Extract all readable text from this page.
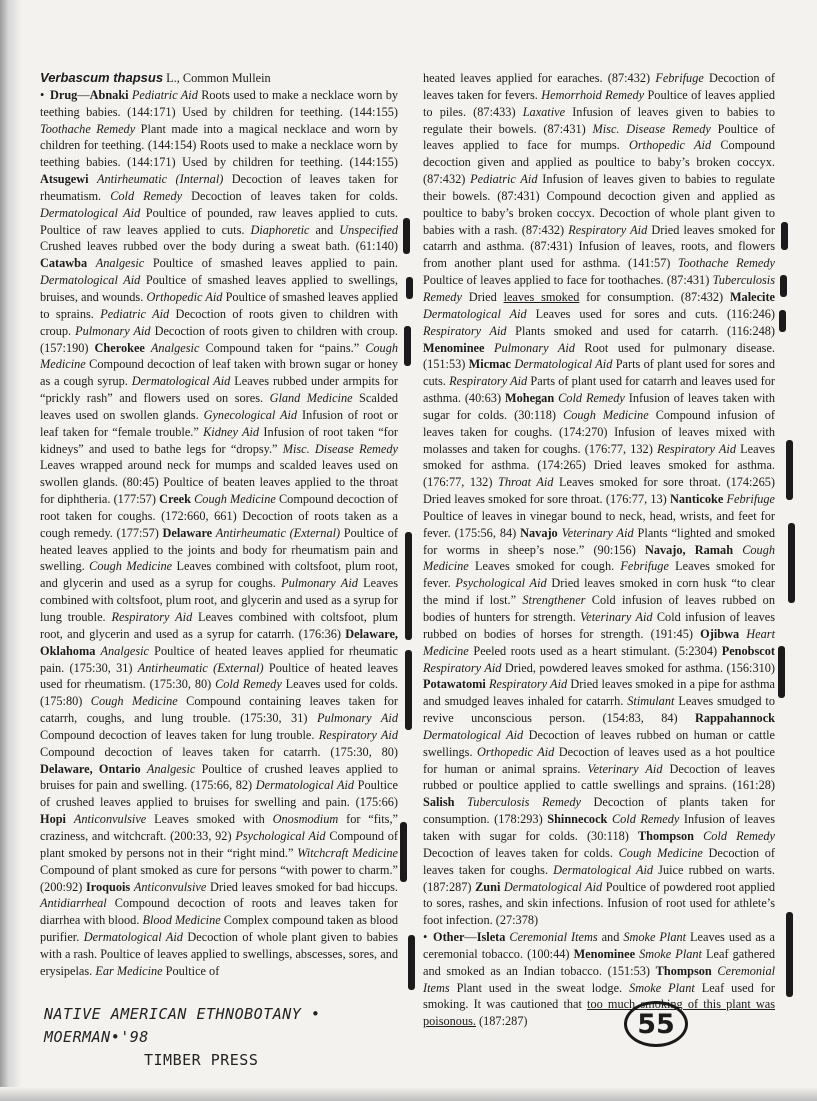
Verbascum thapsus L., Common Mullein

• Drug—Abnaki Pediatric Aid Roots used to make a necklace worn by teething babies. (144:171) Used by children for teething. (144:155) Toothache Remedy Plant made into a magical necklace and worn by children for teething. (144:154) Roots used to make a necklace worn by teething babies. (144:171) Used by children for teething. (144:155) Atsugewi Antirheumatic (Internal) Decoction of leaves taken for rheumatism. Cold Remedy Decoction of leaves taken for colds. Dermatological Aid Poultice of pounded, raw leaves applied to cuts. Poultice of raw leaves applied to cuts. Diaphoretic and Unspecified Crushed leaves rubbed over the body during a sweat bath. (61:140) Catawba Analgesic Poultice of smashed leaves applied to pain. Dermatological Aid Poultice of smashed leaves applied to swellings, bruises, and wounds. Orthopedic Aid Poultice of smashed leaves applied to sprains. Pediatric Aid Decoction of roots given to children with croup. Pulmonary Aid Decoction of roots given to children with croup. (157:190) Cherokee Analgesic Compound taken for “pains.” Cough Medicine Compound decoction of leaf taken with brown sugar or honey as a cough syrup. Dermatological Aid Leaves rubbed under armpits for “prickly rash” and flowers used on sores. Gland Medicine Scalded leaves used on swollen glands. Gynecological Aid Infusion of root or leaf taken for “female trouble.” Kidney Aid Infusion of root taken “for kidneys” and used to bathe legs for “dropsy.” Misc. Disease Remedy Leaves wrapped around neck for mumps and scalded leaves used on swollen glands. (80:45) Poultice of beaten leaves applied to the throat for diphtheria. (177:57) Creek Cough Medicine Compound decoction of root taken for coughs. (172:660, 661) Decoction of roots taken as a cough remedy. (177:57) Delaware Antirheumatic (External) Poultice of heated leaves applied to the joints and body for rheumatism pain and swelling. Cough Medicine Leaves combined with coltsfoot, plum root, and glycerin and used as a syrup for coughs. Pulmonary Aid Leaves combined with coltsfoot, plum root, and glycerin and used as a syrup for lung trouble. Respiratory Aid Leaves combined with coltsfoot, plum root, and glycerin and used as a syrup for catarrh. (176:36) Delaware, Oklahoma Analgesic Poultice of heated leaves applied for rheumatic pain. (175:30, 31) Antirheumatic (External) Poultice of heated leaves used for rheumatism. (175:30, 80) Cold Remedy Leaves used for colds. (175:80) Cough Medicine Compound containing leaves taken for catarrh, coughs, and lung trouble. (175:30, 31) Pulmonary Aid Compound decoction of leaves taken for lung trouble. Respiratory Aid Compound decoction of leaves taken for catarrh. (175:30, 80) Delaware, Ontario Analgesic Poultice of crushed leaves applied to bruises for pain and swelling. (175:66, 82) Dermatological Aid Poultice of crushed leaves applied to bruises for swelling and pain. (175:66) Hopi Anticonvulsive Leaves smoked with Onosmodium for “fits,” craziness, and witchcraft. (200:33, 92) Psychological Aid Compound of plant smoked by persons not in their “right mind.” Witchcraft Medicine Compound of plant smoked as cure for persons “with power to charm.” (200:92) Iroquois Anticonvulsive Dried leaves smoked for bad hiccups. Antidiarrheal Compound decoction of roots and leaves taken for diarrhea with blood. Blood Medicine Complex compound taken as blood purifier. Dermatological Aid Decoction of whole plant given to babies with a rash. Poultice of leaves applied to swellings, abscesses, sores, and erysipelas. Ear Medicine Poultice of

heated leaves applied for earaches. (87:432) Febrifuge Decoction of leaves taken for fevers. Hemorrhoid Remedy Poultice of leaves applied to piles. (87:433) Laxative Infusion of leaves given to babies to regulate their bowels. (87:431) Misc. Disease Remedy Poultice of leaves applied to face for mumps. Orthopedic Aid Compound decoction given and applied as poultice to baby’s broken coccyx. (87:432) Pediatric Aid Infusion of leaves given to babies to regulate their bowels. (87:431) Compound decoction given and applied as poultice to baby’s broken coccyx. Decoction of whole plant given to babies with a rash. (87:432) Respiratory Aid Dried leaves smoked for catarrh and asthma. (87:431) Infusion of leaves, roots, and flowers from another plant used for asthma. (141:57) Toothache Remedy Poultice of leaves applied to face for toothaches. (87:431) Tuberculosis Remedy Dried leaves smoked for consumption. (87:432) Malecite Dermatological Aid Leaves used for sores and cuts. (116:246) Respiratory Aid Plants smoked and used for catarrh. (116:248) Menominee Pulmonary Aid Root used for pulmonary disease. (151:53) Micmac Dermatological Aid Parts of plant used for sores and cuts. Respiratory Aid Parts of plant used for catarrh and leaves used for asthma. (40:63) Mohegan Cold Remedy Infusion of leaves taken with sugar for colds. (30:118) Cough Medicine Compound infusion of leaves taken for coughs. (174:270) Infusion of leaves mixed with molasses and taken for coughs. (176:77, 132) Respiratory Aid Leaves smoked for asthma. (174:265) Dried leaves smoked for asthma. (176:77, 132) Throat Aid Leaves smoked for sore throat. (174:265) Dried leaves smoked for sore throat. (176:77, 13) Nanticoke Febrifuge Poultice of leaves in vinegar bound to neck, head, wrists, and feet for fever. (175:56, 84) Navajo Veterinary Aid Plants “lighted and smoked for worms in sheep’s nose.” (90:156) Navajo, Ramah Cough Medicine Leaves smoked for cough. Febrifuge Leaves smoked for fever. Psychological Aid Dried leaves smoked in corn husk “to clear the mind if lost.” Strengthener Cold infusion of leaves rubbed on bodies of hunters for strength. Veterinary Aid Cold infusion of leaves rubbed on bodies of horses for strength. (191:45) Ojibwa Heart Medicine Peeled roots used as a heart stimulant. (5:2304) Penobscot Respiratory Aid Dried, powdered leaves smoked for asthma. (156:310) Potawatomi Respiratory Aid Dried leaves smoked in a pipe for asthma and smudged leaves inhaled for catarrh. Stimulant Leaves smudged to revive unconscious person. (154:83, 84) Rappahannock Dermatological Aid Decoction of leaves rubbed on human or cattle swellings. Orthopedic Aid Decoction of leaves used as a hot poultice for human or animal sprains. Veterinary Aid Decoction of leaves rubbed or poultice applied to cattle swellings and sprains. (161:28) Salish Tuberculosis Remedy Decoction of plants taken for consumption. (178:293) Shinnecock Cold Remedy Infusion of leaves taken with sugar for colds. (30:118) Thompson Cold Remedy Decoction of leaves taken for colds. Cough Medicine Decoction of leaves taken for coughs. Dermatological Aid Juice rubbed on warts. (187:287) Zuni Dermatological Aid Poultice of powdered root applied to sores, rashes, and skin infections. Infusion of root used for athlete’s foot infection. (27:378)

• Other—Isleta Ceremonial Items and Smoke Plant Leaves used as a ceremonial tobacco. (100:44) Menominee Smoke Plant Leaf gathered and smoked as an Indian tobacco. (151:53) Thompson Ceremonial Items Plant used in the sweat lodge. Smoke Plant Leaf used for smoking. It was cautioned that too much smoking of this plant was poisonous. (187:287)

NATIVE AMERICAN ETHNOBOTANY • MOERMAN•'98
TIMBER PRESS
55
